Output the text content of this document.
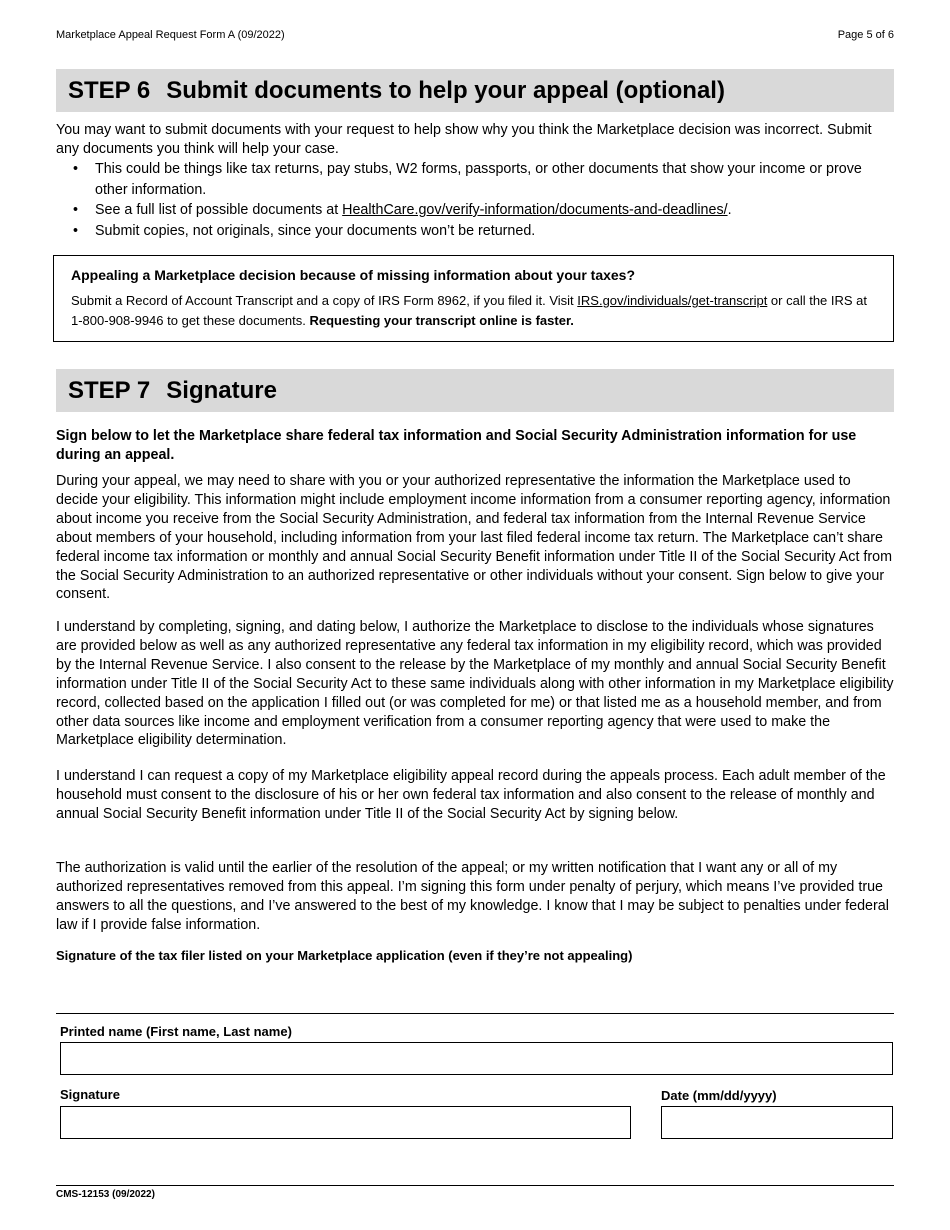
Marketplace Appeal Request Form A (09/2022)	Page 5 of 6
STEP 6 Submit documents to help your appeal (optional)

You may want to submit documents with your request to help show why you think the Marketplace decision was incorrect. Submit any documents you think will help your case.

• This could be things like tax returns, pay stubs, W2 forms, passports, or other documents that show your income or prove other information.
• See a full list of possible documents at HealthCare.gov/verify-information/documents-and-deadlines/.
• Submit copies, not originals, since your documents won’t be returned.

Appealing a Marketplace decision because of missing information about your taxes?

Submit a Record of Account Transcript and a copy of IRS Form 8962, if you filed it. Visit IRS.gov/individuals/get-transcript or call the IRS at 1-800-908-9946 to get these documents. Requesting your transcript online is faster.

STEP 7 Signature

Sign below to let the Marketplace share federal tax information and Social Security Administration information for use during an appeal.

During your appeal, we may need to share with you or your authorized representative the information the Marketplace used to decide your eligibility. This information might include employment income information from a consumer reporting agency, information about income you receive from the Social Security Administration, and federal tax information from the Internal Revenue Service about members of your household, including information from your last filed federal income tax return. The Marketplace can’t share federal income tax information or monthly and annual Social Security Benefit information under Title II of the Social Security Act from the Social Security Administration to an authorized representative or other individuals without your consent. Sign below to give your consent.

I understand by completing, signing, and dating below, I authorize the Marketplace to disclose to the individuals whose signatures are provided below as well as any authorized representative any federal tax information in my eligibility record, which was provided by the Internal Revenue Service. I also consent to the release by the Marketplace of my monthly and annual Social Security Benefit information under Title II of the Social Security Act to these same individuals along with other information in my Marketplace eligibility record, collected based on the application I filled out (or was completed for me) or that listed me as a household member, and from other data sources like income and employment verification from a consumer reporting agency that were used to make the Marketplace eligibility determination.

I understand I can request a copy of my Marketplace eligibility appeal record during the appeals process. Each adult member of the household must consent to the disclosure of his or her own federal tax information and also consent to the release of monthly and annual Social Security Benefit information under Title II of the Social Security Act by signing below.

The authorization is valid until the earlier of the resolution of the appeal; or my written notification that I want any or all of my authorized representatives removed from this appeal. I’m signing this form under penalty of perjury, which means I’ve provided true answers to all the questions, and I’ve answered to the best of my knowledge. I know that I may be subject to penalties under federal law if I provide false information.

Signature of the tax filer listed on your Marketplace application (even if they’re not appealing)
Printed name (First name, Last name)
Signature	Date (mm/dd/yyyy)
CMS-12153 (09/2022)
